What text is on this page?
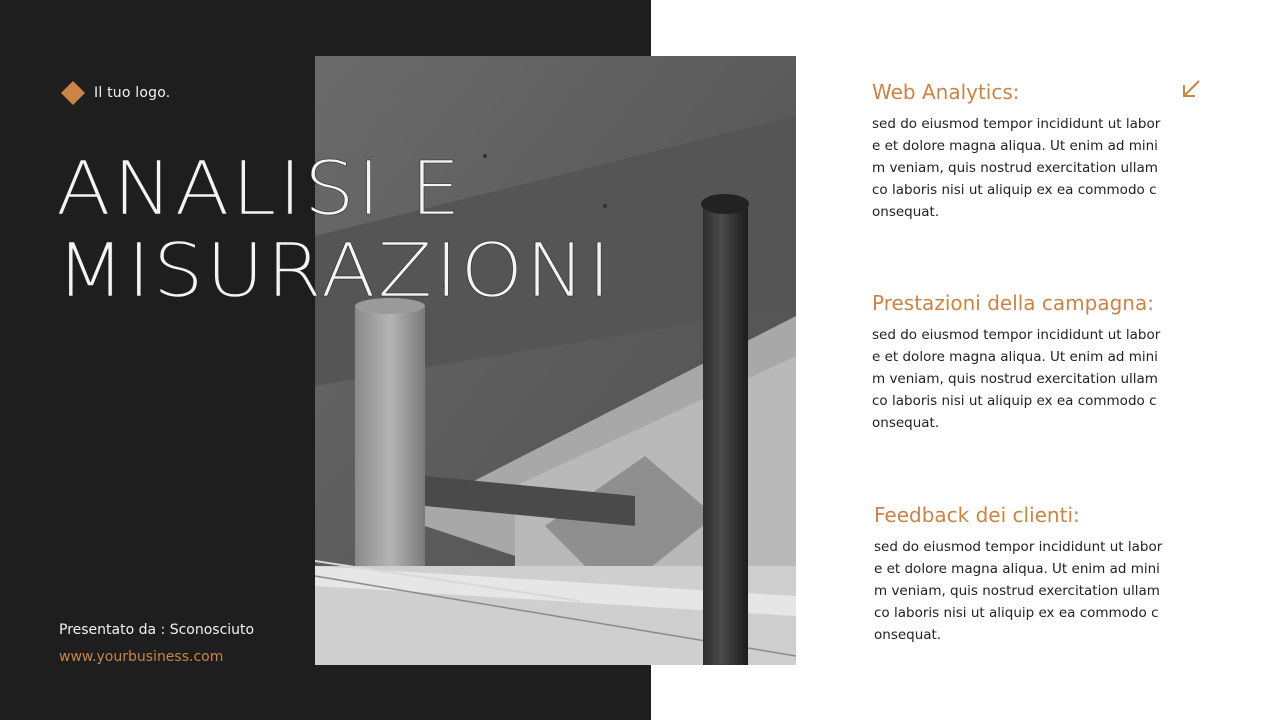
Il tuo logo.
ANALISI E
MISURAZIONI
Presentato da : Sconosciuto
www.yourbusiness.com
Web Analytics:

sed do eiusmod tempor incididunt ut labore et dolore magna aliqua. Ut enim ad minim veniam, quis nostrud exercitation ullamco laboris nisi ut aliquip ex ea commodo consequat.

Prestazioni della campagna:

sed do eiusmod tempor incididunt ut labore et dolore magna aliqua. Ut enim ad minim veniam, quis nostrud exercitation ullamco laboris nisi ut aliquip ex ea commodo consequat.

Feedback dei clienti:

sed do eiusmod tempor incididunt ut labore et dolore magna aliqua. Ut enim ad minim veniam, quis nostrud exercitation ullamco laboris nisi ut aliquip ex ea commodo consequat.
